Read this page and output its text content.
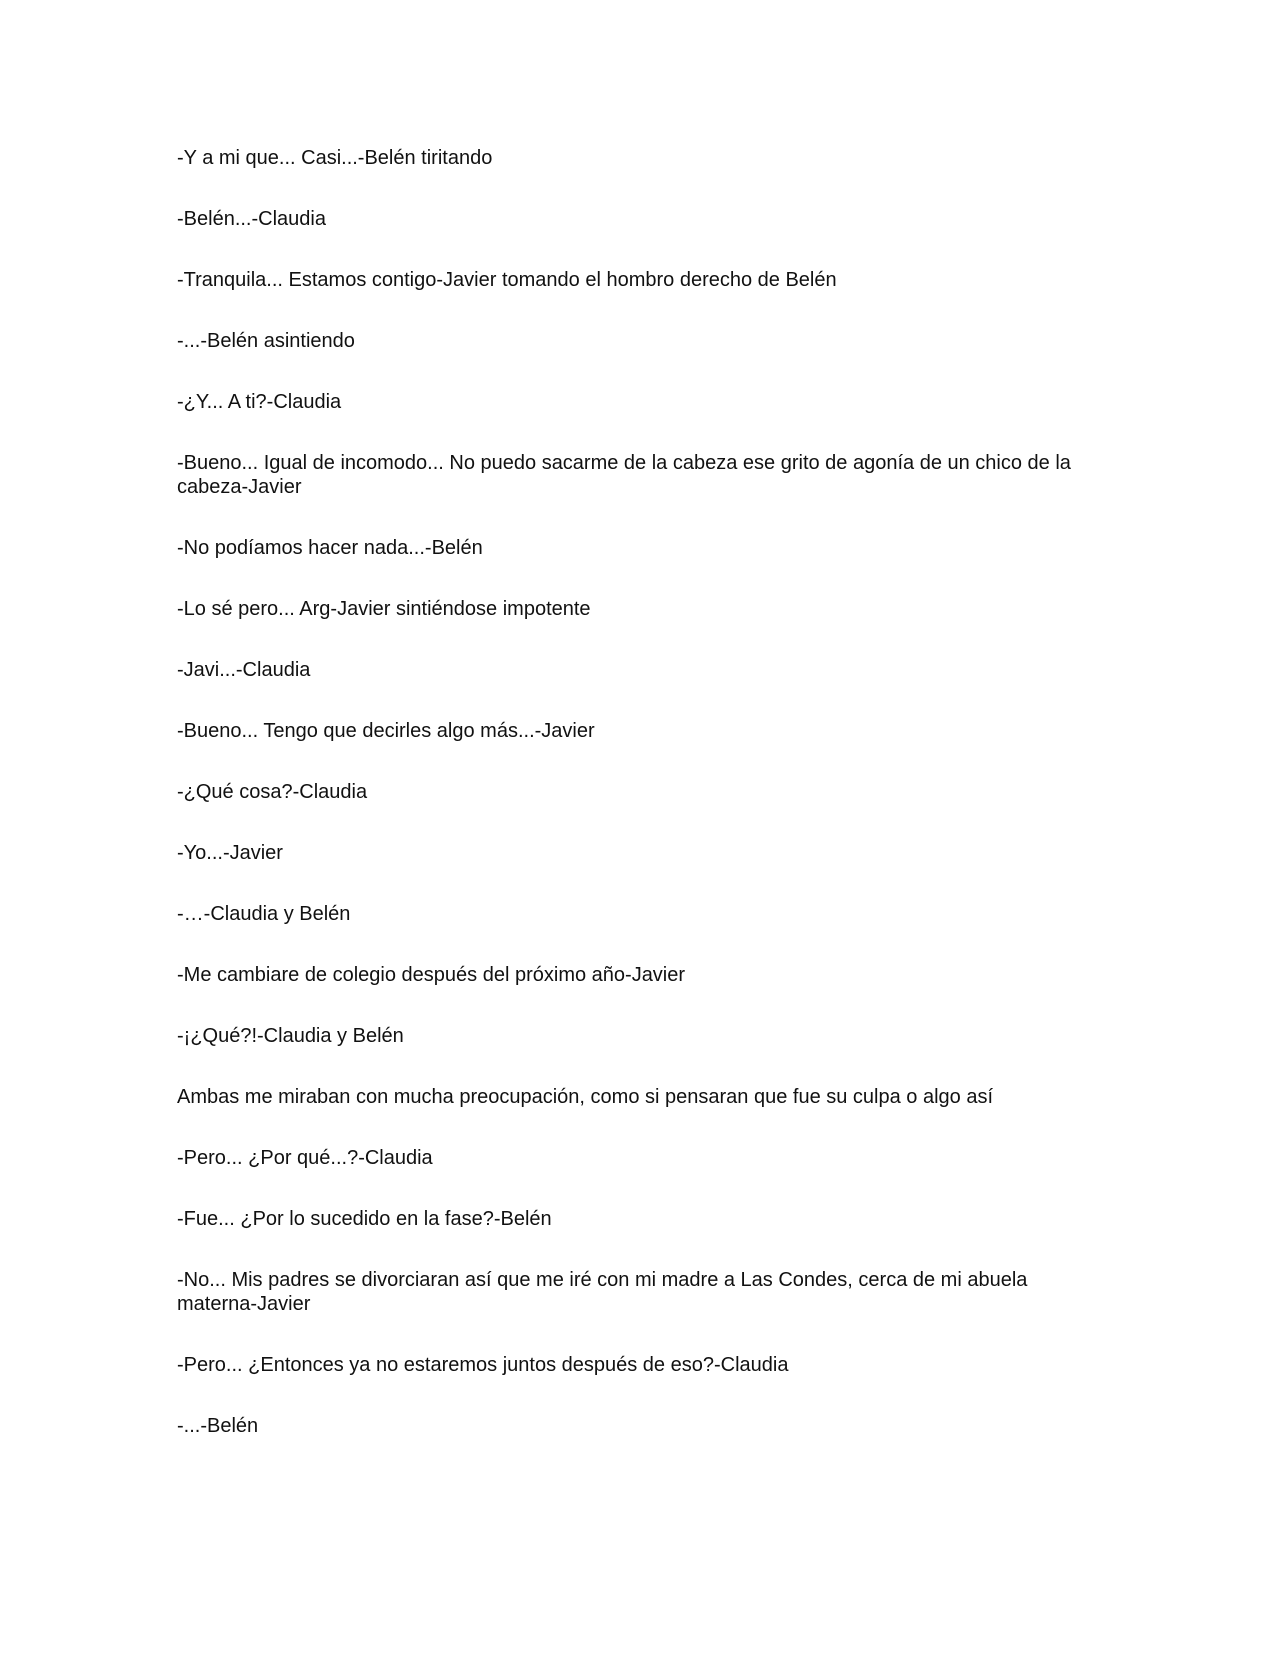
-Y a mi que... Casi...-Belén tiritando

-Belén...-Claudia

-Tranquila... Estamos contigo-Javier tomando el hombro derecho de Belén

-...-Belén asintiendo

-¿Y... A ti?-Claudia

-Bueno... Igual de incomodo... No puedo sacarme de la cabeza ese grito de agonía de un chico de la cabeza-Javier

-No podíamos hacer nada...-Belén

-Lo sé pero... Arg-Javier sintiéndose impotente

-Javi...-Claudia

-Bueno... Tengo que decirles algo más...-Javier

-¿Qué cosa?-Claudia

-Yo...-Javier

-…-Claudia y Belén

-Me cambiare de colegio después del próximo año-Javier

-¡¿Qué?!-Claudia y Belén

Ambas me miraban con mucha preocupación, como si pensaran que fue su culpa o algo así

-Pero... ¿Por qué...?-Claudia

-Fue... ¿Por lo sucedido en la fase?-Belén

-No... Mis padres se divorciaran así que me iré con mi madre a Las Condes, cerca de mi abuela materna-Javier

-Pero... ¿Entonces ya no estaremos juntos después de eso?-Claudia

-...-Belén
